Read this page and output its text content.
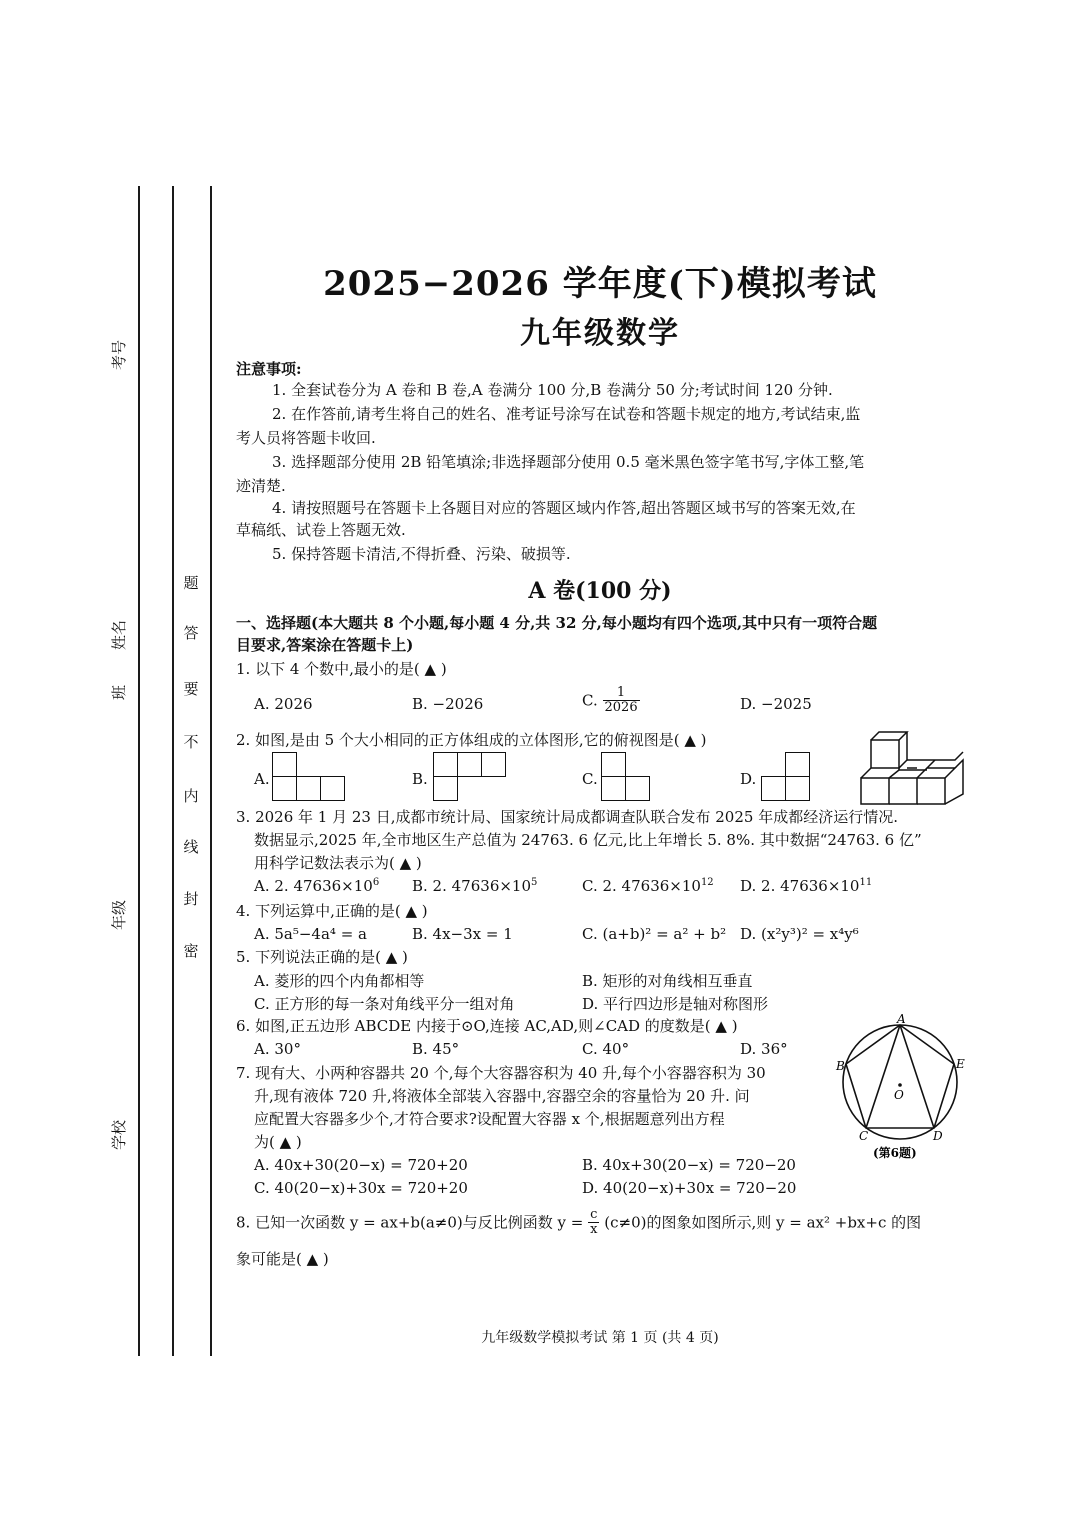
考号
姓名
班
年级
学校
题
答
要
不
内
线
封
密
2025−2026 学年度(下)模拟考试
九年级数学
注意事项:
1. 全套试卷分为 A 卷和 B 卷,A 卷满分 100 分,B 卷满分 50 分;考试时间 120 分钟.
2. 在作答前,请考生将自己的姓名、准考证号涂写在试卷和答题卡规定的地方,考试结束,监
考人员将答题卡收回.
3. 选择题部分使用 2B 铅笔填涂;非选择题部分使用 0.5 毫米黑色签字笔书写,字体工整,笔
迹清楚.
4. 请按照题号在答题卡上各题目对应的答题区域内作答,超出答题区域书写的答案无效,在
草稿纸、试卷上答题无效.
5. 保持答题卡清洁,不得折叠、污染、破损等.
A 卷(100 分)
一、选择题(本大题共 8 个小题,每小题 4 分,共 32 分,每小题均有四个选项,其中只有一项符合题
目要求,答案涂在答题卡上)
1. 以下 4 个数中,最小的是( ▲ )
A. 2026	B. −2026	C. $\frac{1}{2026}$	D. −2025
2. 如图,是由 5 个大小相同的正方体组成的立体图形,它的俯视图是( ▲ )
A.	B.	C.	D.
3. 2026 年 1 月 23 日,成都市统计局、国家统计局成都调查队联合发布 2025 年成都经济运行情况.
数据显示,2025 年,全市地区生产总值为 24763. 6 亿元,比上年增长 5. 8%. 其中数据“24763. 6 亿”
用科学记数法表示为( ▲ )
A. 2. $47636\times 10^6$ B. 2. $47636\times 10^5$	C. 2. $47636\times 10^{12}$ D. 2. $47636\times 10^{11}$
4. 下列运算中,正确的是( ▲ )
A. 5a⁵−4a⁴ = a	B. 4x−3x = 1	C. (a+b)² = a² + b² D. (x²y³)² = x⁴y⁶
5. 下列说法正确的是( ▲ )
A. 菱形的四个内角都相等	B. 矩形的对角线相互垂直
C. 正方形的每一条对角线平分一组对角	D. 平行四边形是轴对称图形
6. 如图,正五边形 ABCDE 内接于⊙O,连接 AC,AD,则∠CAD 的度数是( ▲ )
A. 30°	B. 45°	C. 40°	D. 36°
A
B	E
C	D
O
(第6题)
7. 现有大、小两种容器共 20 个,每个大容器容积为 40 升,每个小容器容积为 30
升,现有液体 720 升,将液体全部装入容器中,容器空余的容量恰为 20 升. 问
应配置大容器多少个,才符合要求?设配置大容器 x 个,根据题意列出方程
为( ▲ )
A. 40x+30(20−x) = 720+20	B. 40x+30(20−x) = 720−20
C. 40(20−x)+30x = 720+20	D. 40(20−x)+30x = 720−20
8. 已知一次函数 y = ax+b(a≠0)与反比例函数 $y = \frac{c}{x} (c\ne 0)$的图象如图所示,则 y = ax² +bx+c 的图
象可能是( ▲ )
九年级数学模拟考试 第 1 页 (共 4 页)
